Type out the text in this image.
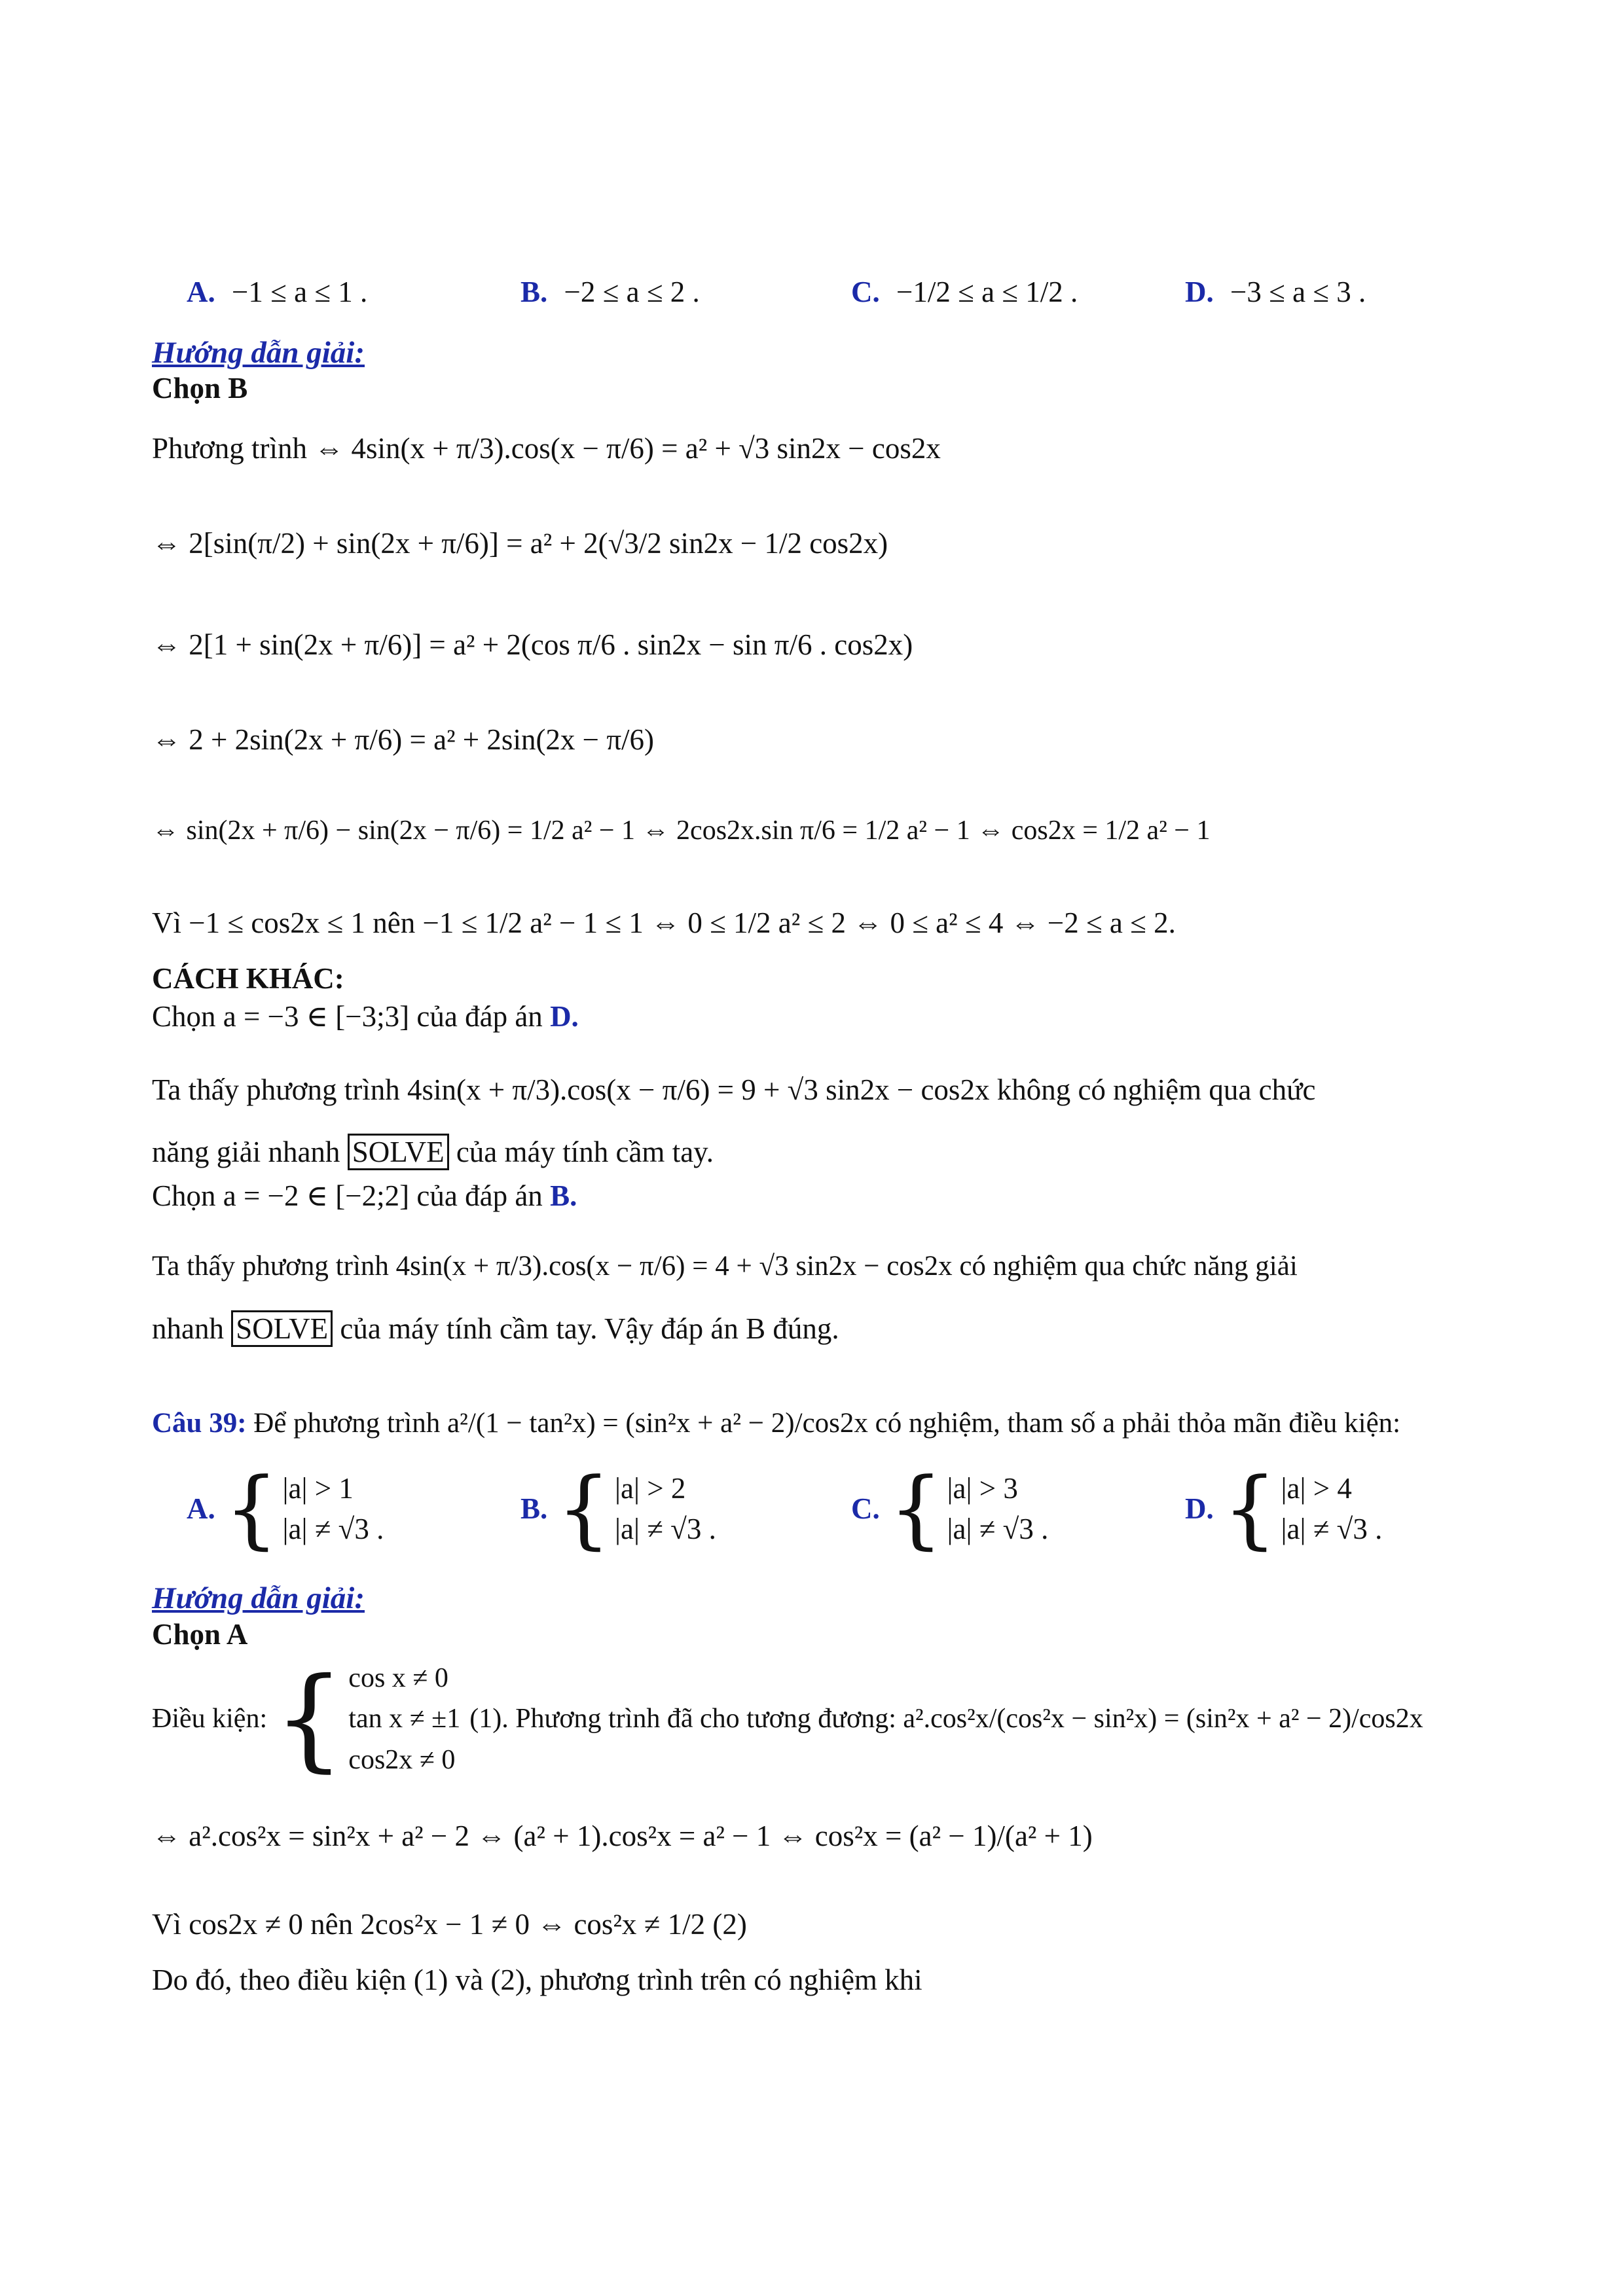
A. −1 ≤ a ≤ 1 .	B. −2 ≤ a ≤ 2 .	C. −1/2 ≤ a ≤ 1/2 .	D. −3 ≤ a ≤ 3 .
Hướng dẫn giải:
Chọn B
Phương trình ⇔ 4sin(x + π/3).cos(x − π/6) = a² + √3 sin2x − cos2x
⇔ 2[sin(π/2) + sin(2x + π/6)] = a² + 2(√3/2 sin2x − 1/2 cos2x)
⇔ 2[1 + sin(2x + π/6)] = a² + 2(cos π/6 . sin2x − sin π/6 . cos2x)
⇔ 2 + 2sin(2x + π/6) = a² + 2sin(2x − π/6)
⇔ sin(2x + π/6) − sin(2x − π/6) = 1/2 a² − 1 ⇔ 2cos2x.sin π/6 = 1/2 a² − 1 ⇔ cos2x = 1/2 a² − 1
Vì −1 ≤ cos2x ≤ 1 nên −1 ≤ 1/2 a² − 1 ≤ 1 ⇔ 0 ≤ 1/2 a² ≤ 2 ⇔ 0 ≤ a² ≤ 4 ⇔ −2 ≤ a ≤ 2.
CÁCH KHÁC:
Chọn a = −3 ∈ [−3;3] của đáp án D.
Ta thấy phương trình 4sin(x + π/3).cos(x − π/6) = 9 + √3 sin2x − cos2x không có nghiệm qua chức
năng giải nhanh SOLVE của máy tính cầm tay.
Chọn a = −2 ∈ [−2;2] của đáp án B.
Ta thấy phương trình 4sin(x + π/3).cos(x − π/6) = 4 + √3 sin2x − cos2x có nghiệm qua chức năng giải
nhanh SOLVE của máy tính cầm tay. Vậy đáp án B đúng.
Câu 39: Để phương trình a²/(1 − tan²x) = (sin²x + a² − 2)/cos2x có nghiệm, tham số a phải thỏa mãn điều kiện:
A. { |a| > 1
|a| ≠ √3 .
B. { |a| > 2
|a| ≠ √3 .
C. { |a| > 3
|a| ≠ √3 .
D. { |a| > 4
|a| ≠ √3 .
Hướng dẫn giải:
Chọn A
Điều kiện: { cos x ≠ 0
tan x ≠ ±1
cos2x ≠ 0
(1). Phương trình đã cho tương đương: a².cos²x/(cos²x − sin²x) = (sin²x + a² − 2)/cos2x
⇔ a².cos²x = sin²x + a² − 2 ⇔ (a² + 1).cos²x = a² − 1 ⇔ cos²x = (a² − 1)/(a² + 1)
Vì cos2x ≠ 0 nên 2cos²x − 1 ≠ 0 ⇔ cos²x ≠ 1/2 (2)
Do đó, theo điều kiện (1) và (2), phương trình trên có nghiệm khi
